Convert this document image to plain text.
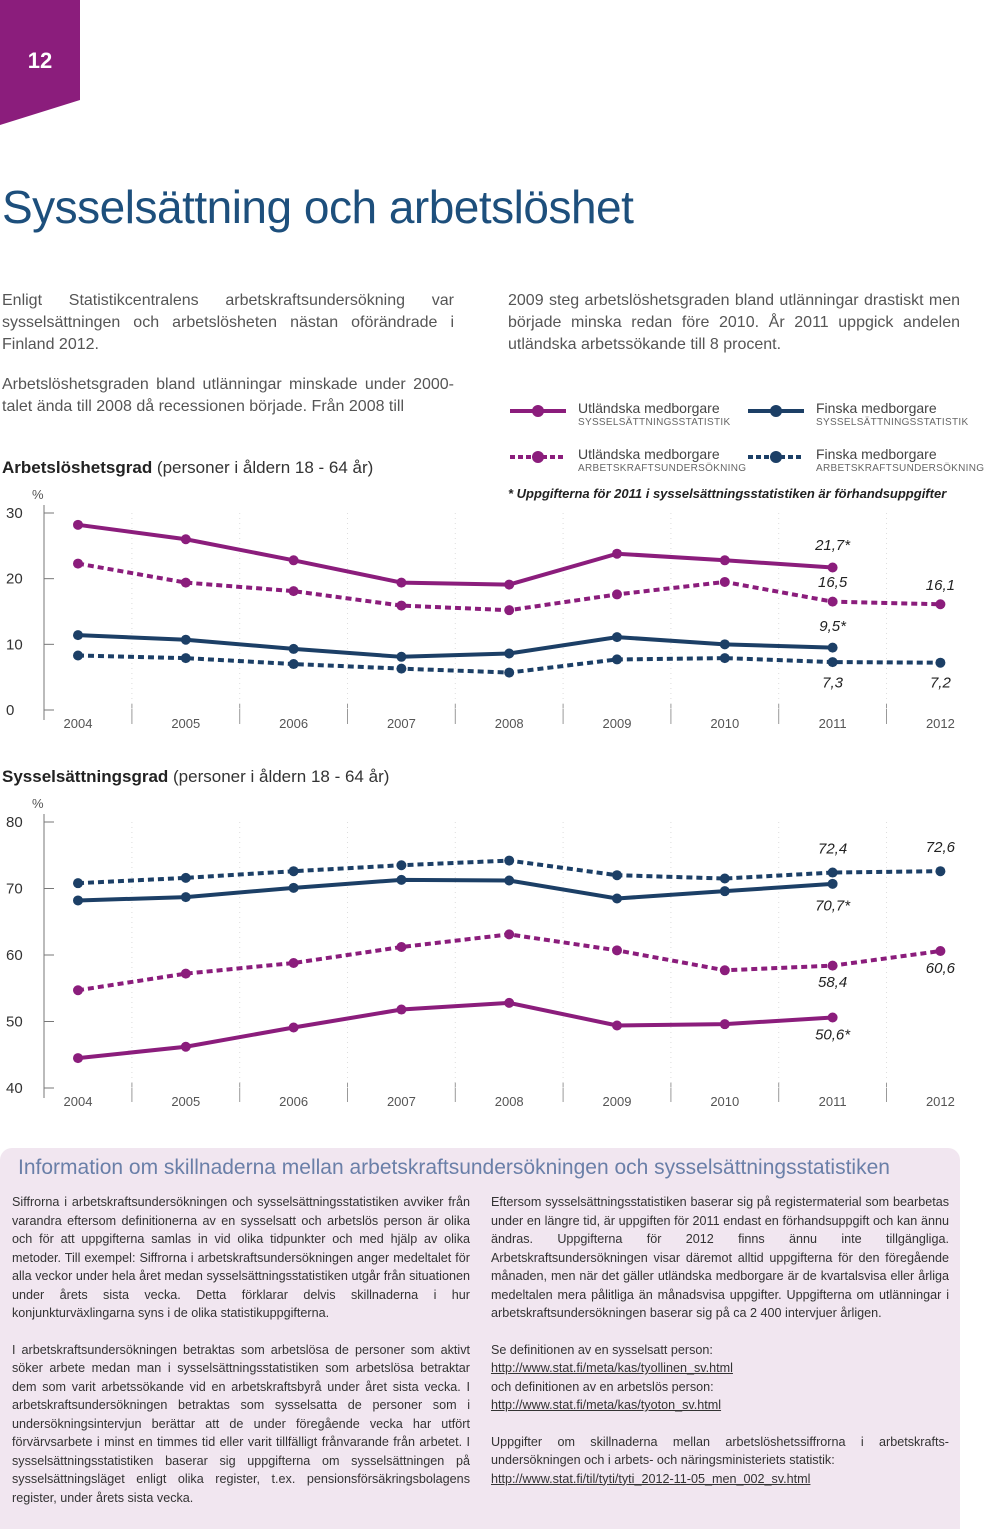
12
Sysselsättning och arbetslöshet
Enligt Statistikcentralens arbetskraftsundersökning var sysselsättningen och arbetslösheten nästan oförändrade i Finland 2012.
Arbetslöshetsgraden bland utlänningar minskade under 2000-talet ända till 2008 då recessionen började. Från 2008 till
2009 steg arbetslöshetsgraden bland utlänningar drastiskt men började minska redan före 2010. År 2011 uppgick andelen utländska arbetssökande till 8 procent.
Utländska medborgare
SYSSELSÄTTNINGSSTATISTIK
Finska medborgare
SYSSELSÄTTNINGSSTATISTIK
Utländska medborgare
ARBETSKRAFTSUNDERSÖKNING
Finska medborgare
ARBETSKRAFTSUNDERSÖKNING
* Uppgifterna för 2011 i sysselsättningsstatistiken är förhandsuppgifter
Arbetslöshetsgrad (personer i åldern 18 - 64 år)
%
0
10
20
30
2004	2005	2006	2007	2008	2009	2010	2011	2012
21,7*
16,5	16,1
9,5*
7,3	7,2
Sysselsättningsgrad (personer i åldern 18 - 64 år)
%
40
50
60
70
80
2004	2005	2006	2007	2008	2009	2010	2011	2012
72,4	72,6
70,7*
58,4
60,6
50,6*
Information om skillnaderna mellan arbetskraftsundersökningen och sysselsättningsstatistiken

Siffrorna i arbetskraftsundersökningen och sysselsättningsstatistiken avviker från varandra eftersom definitionerna av en sysselsatt och arbetslös person är olika och för att uppgifterna samlas in vid olika tidpunkter och med hjälp av olika metoder. Till exempel: Siffrorna i arbetskraftsundersökningen anger medeltalet för alla veckor under hela året medan sysselsättningsstatistiken utgår från situationen under årets sista vecka. Detta förklarar delvis skillnaderna i hur konjunkturväxlingarna syns i de olika statistikuppgifterna.

I arbetskraftsundersökningen betraktas som arbetslösa de personer som aktivt söker arbete medan man i sysselsättningsstatistiken som arbetslösa betraktar dem som varit arbetssökande vid en arbetskraftsbyrå under året sista vecka. I arbetskraftsundersökningen betraktas som sysselsatta de personer som i undersökningsintervjun berättar att de under föregående vecka har utfört förvärvsarbete i minst en timmes tid eller varit tillfälligt frånvarande från arbetet. I sysselsättningsstatistiken baserar sig uppgifterna om sysselsättningen på sysselsättningsläget enligt olika register, t.ex. pensionsförsäkringsbolagens register, under årets sista vecka.

Eftersom sysselsättningsstatistiken baserar sig på registermaterial som bearbetas under en längre tid, är uppgiften för 2011 endast en förhandsuppgift och kan ännu ändras. Uppgifterna för 2012 finns ännu inte tillgängliga. Arbetskraftsundersökningen visar däremot alltid uppgifterna för den föregående månaden, men när det gäller utländska medborgare är de kvartalsvisa eller årliga medeltalen mera pålitliga än månadsvisa uppgifter. Uppgifterna om utlänningar i arbetskraftsundersökningen baserar sig på ca 2 400 intervjuer årligen.

Se definitionen av en sysselsatt person:
http://www.stat.fi/meta/kas/tyollinen_sv.html
och definitionen av en arbetslös person:
http://www.stat.fi/meta/kas/tyoton_sv.html

Uppgifter om skillnaderna mellan arbetslöshetssiffrorna i arbetskrafts-undersökningen och i arbets- och näringsministeriets statistik:
http://www.stat.fi/til/tyti/tyti_2012-11-05_men_002_sv.html
